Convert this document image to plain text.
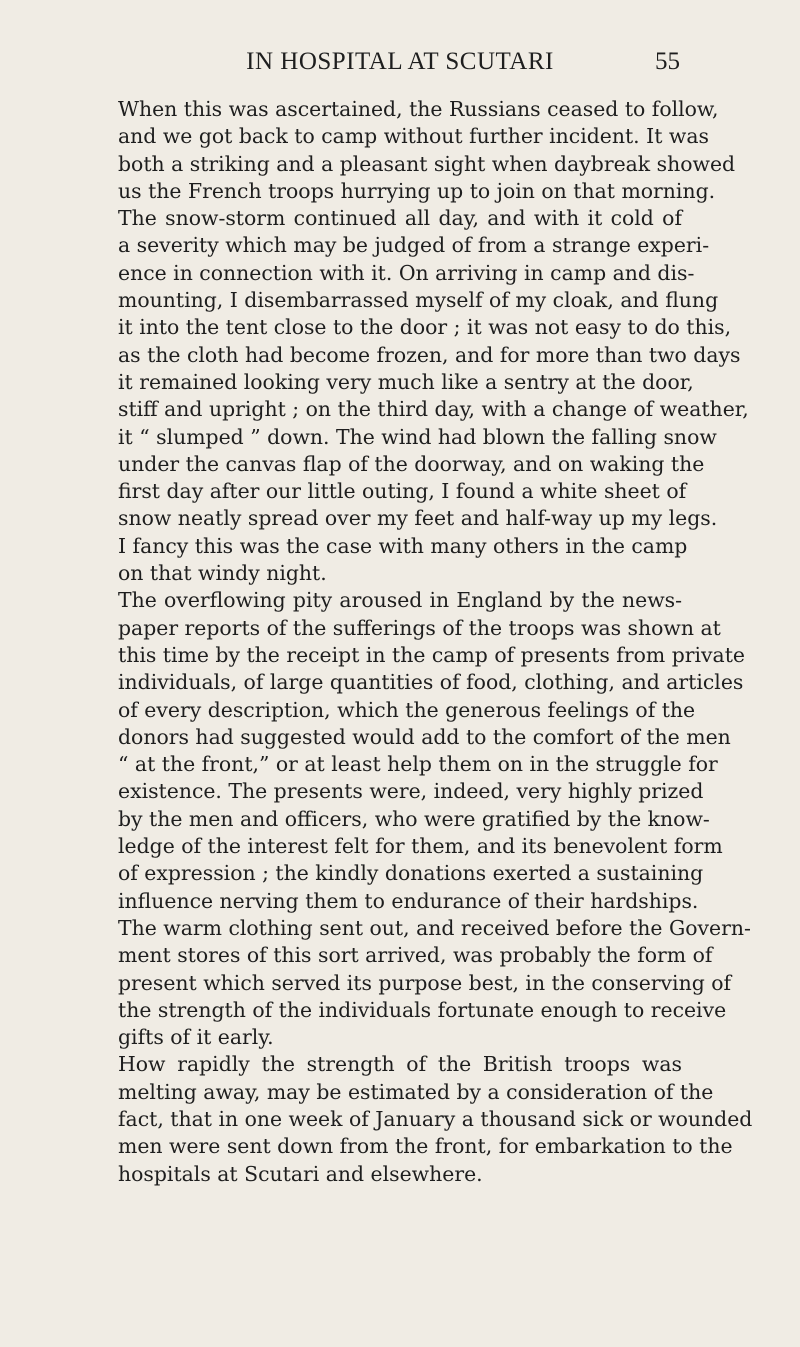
IN HOSPITAL AT SCUTARI	55
When this was ascertained, the Russians ceased to follow,
and we got back to camp without further incident. It was
both a striking and a pleasant sight when daybreak showed
us the French troops hurrying up to join on that morning.
The snow-storm continued all day, and with it cold of
a severity which may be judged of from a strange experi-
ence in connection with it. On arriving in camp and dis-
mounting, I disembarrassed myself of my cloak, and flung
it into the tent close to the door ; it was not easy to do this,
as the cloth had become frozen, and for more than two days
it remained looking very much like a sentry at the door,
stiff and upright ; on the third day, with a change of weather,
it “ slumped ” down. The wind had blown the falling snow
under the canvas flap of the doorway, and on waking the
first day after our little outing, I found a white sheet of
snow neatly spread over my feet and half-way up my legs.
I fancy this was the case with many others in the camp
on that windy night.
The overflowing pity aroused in England by the news-
paper reports of the sufferings of the troops was shown at
this time by the receipt in the camp of presents from private
individuals, of large quantities of food, clothing, and articles
of every description, which the generous feelings of the
donors had suggested would add to the comfort of the men
“ at the front,” or at least help them on in the struggle for
existence. The presents were, indeed, very highly prized
by the men and officers, who were gratified by the know-
ledge of the interest felt for them, and its benevolent form
of expression ; the kindly donations exerted a sustaining
influence nerving them to endurance of their hardships.
The warm clothing sent out, and received before the Govern-
ment stores of this sort arrived, was probably the form of
present which served its purpose best, in the conserving of
the strength of the individuals fortunate enough to receive
gifts of it early.
How rapidly the strength of the British troops was
melting away, may be estimated by a consideration of the
fact, that in one week of January a thousand sick or wounded
men were sent down from the front, for embarkation to the
hospitals at Scutari and elsewhere.
